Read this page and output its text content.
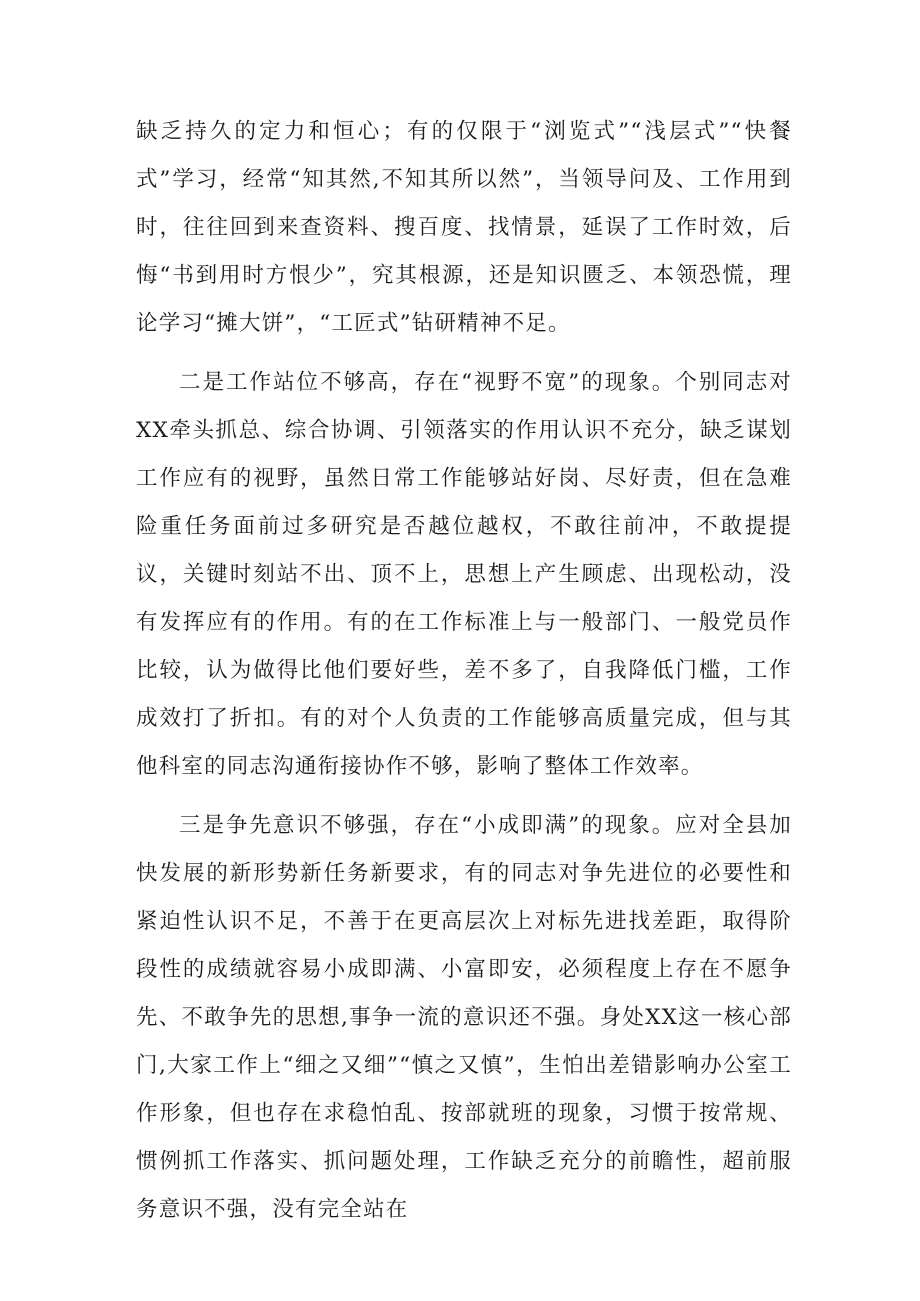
缺乏持久的定力和恒心；有的仅限于“浏览式”“浅层式”“快餐式”学习，经常“知其然,不知其所以然”，当领导问及、工作用到时，往往回到来查资料、搜百度、找情景，延误了工作时效，后悔“书到用时方恨少”，究其根源，还是知识匮乏、本领恐慌，理论学习“摊大饼”，“工匠式”钻研精神不足。

二是工作站位不够高，存在“视野不宽”的现象。个别同志对XX牵头抓总、综合协调、引领落实的作用认识不充分，缺乏谋划工作应有的视野，虽然日常工作能够站好岗、尽好责，但在急难险重任务面前过多研究是否越位越权，不敢往前冲，不敢提提议，关键时刻站不出、顶不上，思想上产生顾虑、出现松动，没有发挥应有的作用。有的在工作标准上与一般部门、一般党员作比较，认为做得比他们要好些，差不多了，自我降低门槛，工作成效打了折扣。有的对个人负责的工作能够高质量完成，但与其他科室的同志沟通衔接协作不够，影响了整体工作效率。

三是争先意识不够强，存在“小成即满”的现象。应对全县加快发展的新形势新任务新要求，有的同志对争先进位的必要性和紧迫性认识不足，不善于在更高层次上对标先进找差距，取得阶段性的成绩就容易小成即满、小富即安，必须程度上存在不愿争先、不敢争先的思想,事争一流的意识还不强。身处XX这一核心部门,大家工作上“细之又细”“慎之又慎”，生怕出差错影响办公室工作形象，但也存在求稳怕乱、按部就班的现象，习惯于按常规、惯例抓工作落实、抓问题处理，工作缺乏充分的前瞻性，超前服务意识不强，没有完全站在
